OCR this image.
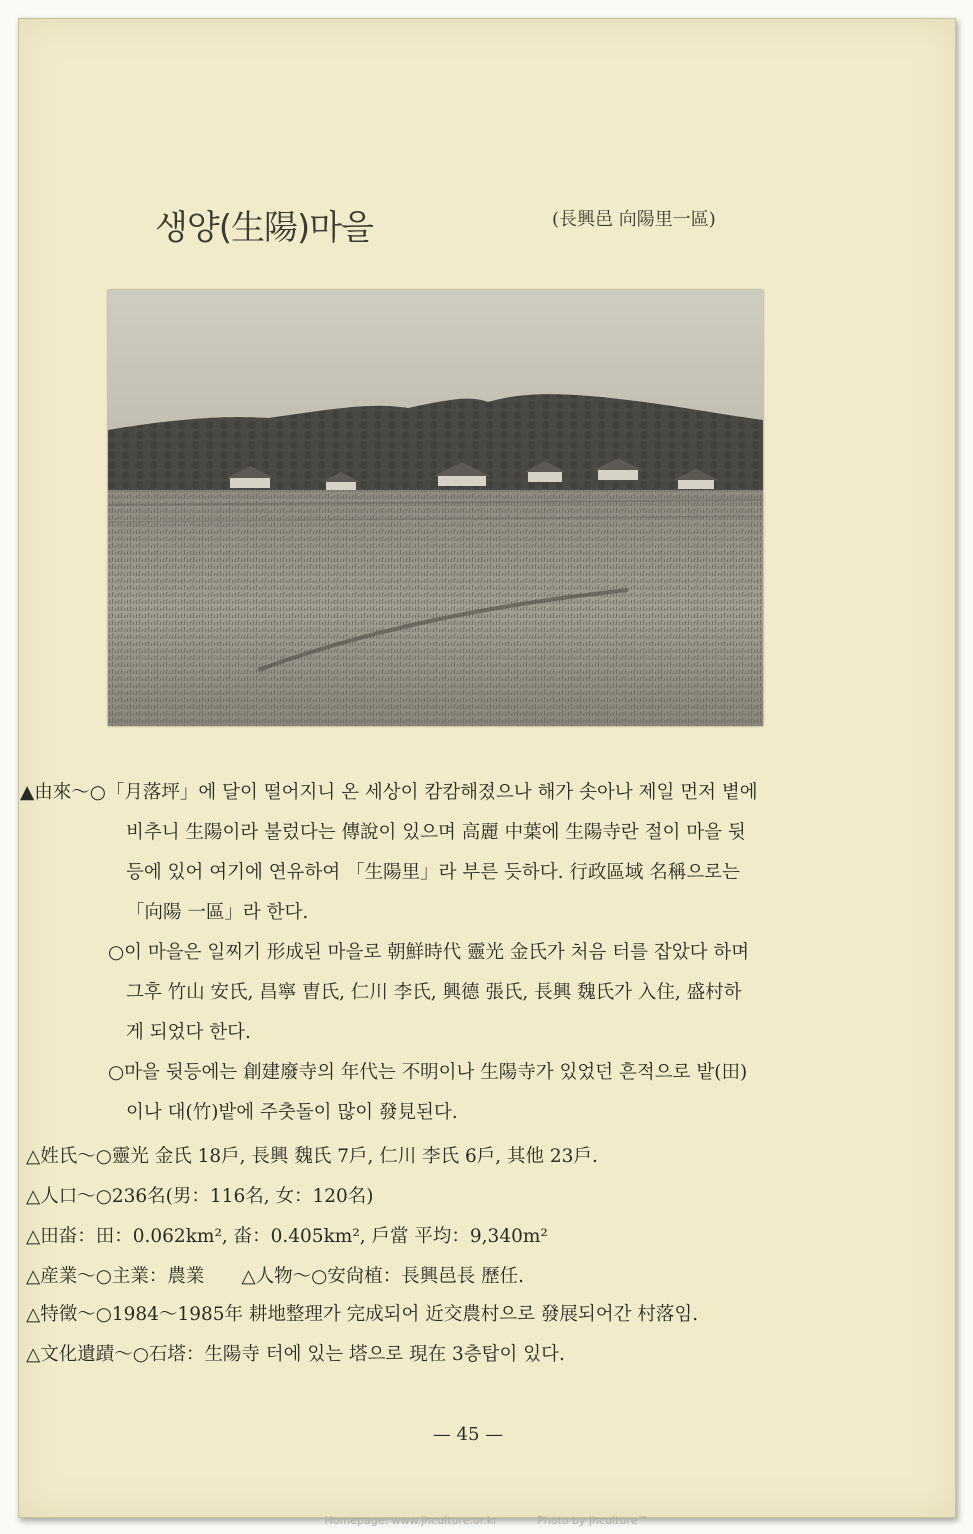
생양(生陽)마을	(長興邑 向陽里一區)
▲由來～○「月落坪」에 달이 떨어지니 온 세상이 캄캄해졌으나 해가 솟아나 제일 먼저 볕에
비추니 生陽이라 불렀다는 傳說이 있으며 高麗 中葉에 生陽寺란 절이 마을 뒷
등에 있어 여기에 연유하여 「生陽里」라 부른 듯하다. 行政區域 名稱으로는
「向陽 一區」라 한다.
○이 마을은 일찌기 形成된 마을로 朝鮮時代 靈光 金氏가 처음 터를 잡았다 하며
그후 竹山 安氏, 昌寧 曺氏, 仁川 李氏, 興德 張氏, 長興 魏氏가 入住, 盛村하
게 되었다 한다.
○마을 뒷등에는 創建廢寺의 年代는 不明이나 生陽寺가 있었던 흔적으로 밭(田)
이나 대(竹)밭에 주춧돌이 많이 發見된다.
△姓氏～○靈光 金氏 18戶, 長興 魏氏 7戶, 仁川 李氏 6戶, 其他 23戶.
△人口～○236名(男：116名, 女：120名)
△田畓：田：0.062km², 畓：0.405km², 戶當 平均：9,340m²
△産業～○主業：農業　　△人物～○安尙植：長興邑長 歷任.
△特徵～○1984～1985年 耕地整理가 完成되어 近交農村으로 發展되어간 村落임.
△文化遺蹟～○石塔：生陽寺 터에 있는 塔으로 現在 3층탑이 있다.
— 45 —
Homepage: www.jhculture.or.kr	Photo by jhculture™
